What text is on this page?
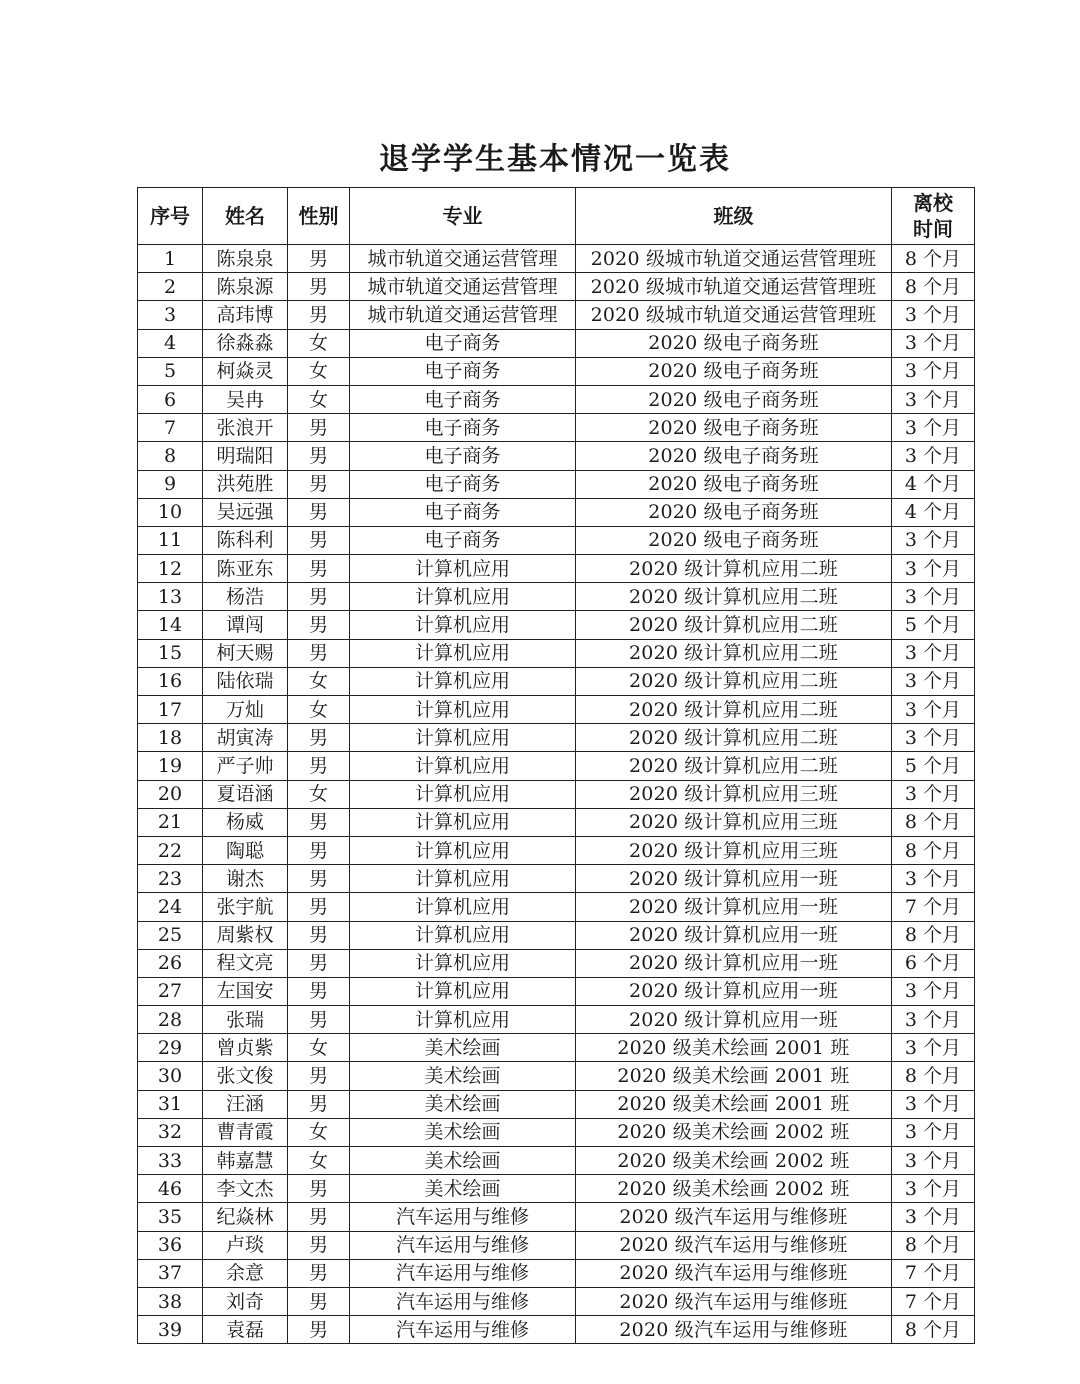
退学学生基本情况一览表
序号	姓名	性别	专业	班级	离校
时间

1	陈泉泉	男	城市轨道交通运营管理	2020 级城市轨道交通运营管理班	8 个月
2	陈泉源	男	城市轨道交通运营管理	2020 级城市轨道交通运营管理班	8 个月
3	高玮博	男	城市轨道交通运营管理	2020 级城市轨道交通运营管理班	3 个月
4	徐淼淼	女	电子商务	2020 级电子商务班	3 个月
5	柯焱灵	女	电子商务	2020 级电子商务班	3 个月
6	吴冉	女	电子商务	2020 级电子商务班	3 个月
7	张浪开	男	电子商务	2020 级电子商务班	3 个月
8	明瑞阳	男	电子商务	2020 级电子商务班	3 个月
9	洪苑胜	男	电子商务	2020 级电子商务班	4 个月
10	吴远强	男	电子商务	2020 级电子商务班	4 个月
11	陈科利	男	电子商务	2020 级电子商务班	3 个月
12	陈亚东	男	计算机应用	2020 级计算机应用二班	3 个月
13	杨浩	男	计算机应用	2020 级计算机应用二班	3 个月
14	谭闯	男	计算机应用	2020 级计算机应用二班	5 个月
15	柯天赐	男	计算机应用	2020 级计算机应用二班	3 个月
16	陆依瑞	女	计算机应用	2020 级计算机应用二班	3 个月
17	万灿	女	计算机应用	2020 级计算机应用二班	3 个月
18	胡寅涛	男	计算机应用	2020 级计算机应用二班	3 个月
19	严子帅	男	计算机应用	2020 级计算机应用二班	5 个月
20	夏语涵	女	计算机应用	2020 级计算机应用三班	3 个月
21	杨威	男	计算机应用	2020 级计算机应用三班	8 个月
22	陶聪	男	计算机应用	2020 级计算机应用三班	8 个月
23	谢杰	男	计算机应用	2020 级计算机应用一班	3 个月
24	张宇航	男	计算机应用	2020 级计算机应用一班	7 个月
25	周紫权	男	计算机应用	2020 级计算机应用一班	8 个月
26	程文亮	男	计算机应用	2020 级计算机应用一班	6 个月
27	左国安	男	计算机应用	2020 级计算机应用一班	3 个月
28	张瑞	男	计算机应用	2020 级计算机应用一班	3 个月
29	曾贞紫	女	美术绘画	2020 级美术绘画 2001 班	3 个月
30	张文俊	男	美术绘画	2020 级美术绘画 2001 班	8 个月
31	汪涵	男	美术绘画	2020 级美术绘画 2001 班	3 个月
32	曹青霞	女	美术绘画	2020 级美术绘画 2002 班	3 个月
33	韩嘉慧	女	美术绘画	2020 级美术绘画 2002 班	3 个月
46	李文杰	男	美术绘画	2020 级美术绘画 2002 班	3 个月
35	纪焱林	男	汽车运用与维修	2020 级汽车运用与维修班	3 个月
36	卢琰	男	汽车运用与维修	2020 级汽车运用与维修班	8 个月
37	余意	男	汽车运用与维修	2020 级汽车运用与维修班	7 个月
38	刘奇	男	汽车运用与维修	2020 级汽车运用与维修班	7 个月
39	袁磊	男	汽车运用与维修	2020 级汽车运用与维修班	8 个月
